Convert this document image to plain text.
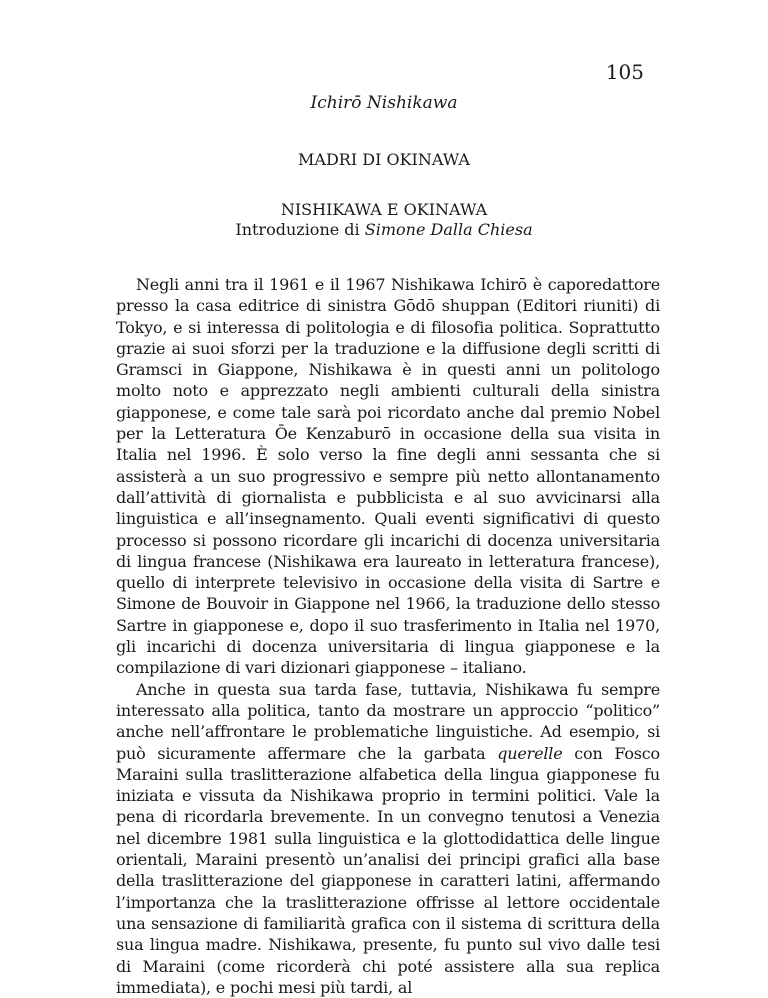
105
Ichirō Nishikawa
MADRI DI OKINAWA
NISHIKAWA E OKINAWA
Introduzione di Simone Dalla Chiesa

Negli anni tra il 1961 e il 1967 Nishikawa Ichirō è caporedattore presso la casa editrice di sinistra Gōdō shuppan (Editori riuniti) di Tokyo, e si interessa di politologia e di filosofia politica. Soprattutto grazie ai suoi sforzi per la traduzione e la diffusione degli scritti di Gramsci in Giappone, Nishikawa è in questi anni un politologo molto noto e apprezzato negli ambienti culturali della sinistra giapponese, e come tale sarà poi ricordato anche dal premio Nobel per la Letteratura Ōe Kenzaburō in occasione della sua visita in Italia nel 1996. È solo verso la fine degli anni sessanta che si assisterà a un suo progressivo e sempre più netto allontanamento dall’attività di giornalista e pubblicista e al suo avvicinarsi alla linguistica e all’insegnamento. Quali eventi significativi di questo processo si possono ricordare gli incarichi di docenza universitaria di lingua francese (Nishikawa era laureato in letteratura francese), quello di interprete televisivo in occasione della visita di Sartre e Simone de Bouvoir in Giappone nel 1966, la traduzione dello stesso Sartre in giapponese e, dopo il suo trasferimento in Italia nel 1970, gli incarichi di docenza universitaria di lingua giapponese e la compilazione di vari dizionari giapponese – italiano.

Anche in questa sua tarda fase, tuttavia, Nishikawa fu sempre interessato alla politica, tanto da mostrare un approccio “politico” anche nell’affrontare le problematiche linguistiche. Ad esempio, si può sicuramente affermare che la garbata querelle con Fosco Maraini sulla traslitterazione alfabetica della lingua giapponese fu iniziata e vissuta da Nishikawa proprio in termini politici. Vale la pena di ricordarla brevemente. In un convegno tenutosi a Venezia nel dicembre 1981 sulla linguistica e la glottodidattica delle lingue orientali, Maraini presentò un’analisi dei principi grafici alla base della traslitterazione del giapponese in caratteri latini, affermando l’importanza che la traslitterazione offrisse al lettore occidentale una sensazione di familiarità grafica con il sistema di scrittura della sua lingua madre. Nishikawa, presente, fu punto sul vivo dalle tesi di Maraini (come ricorderà chi poté assistere alla sua replica immediata), e pochi mesi più tardi, al
